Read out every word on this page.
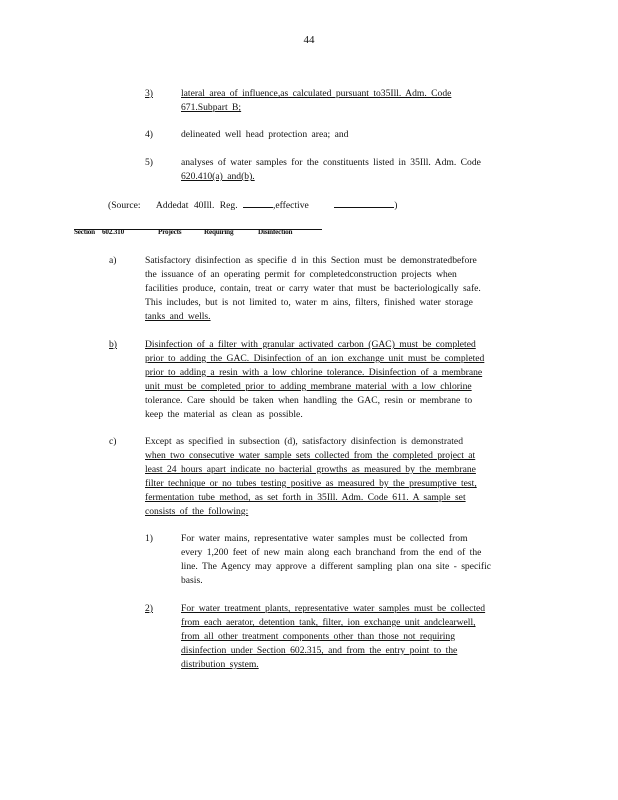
44
3)	lateral area of influence,as calculated pursuant to35Ill. Adm. Code
671.Subpart B;
4)	delineated well head protection area; and
5)	analyses of water samples for the constituents listed in 35Ill. Adm. Code
620.410(a) and(b).
(Source: Addedat 40Ill. Reg.	,effective	)
Section 602.310	Projects	Requiring	Disinfection
a)	Satisfactory disinfection as specifie d in this Section must be demonstratedbefore
the issuance of an operating permit for completedconstruction projects when
facilities produce, contain, treat or carry water that must be bacteriologically safe.
This includes, but is not limited to, water m ains, filters, finished water storage
tanks and wells.
b)	Disinfection of a filter with granular activated carbon (GAC) must be completed
prior to adding the GAC. Disinfection of an ion exchange unit must be completed
prior to adding a resin with a low chlorine tolerance. Disinfection of a membrane
unit must be completed prior to adding membrane material with a low chlorine
tolerance. Care should be taken when handling the GAC, resin or membrane to
keep the material as clean as possible.
c)	Except as specified in subsection (d), satisfactory disinfection is demonstrated
when two consecutive water sample sets collected from the completed project at
least 24 hours apart indicate no bacterial growths as measured by the membrane
filter technique or no tubes testing positive as measured by the presumptive test,
fermentation tube method, as set forth in 35Ill. Adm. Code 611. A sample set
consists of the following:
1)	For water mains, representative water samples must be collected from
every 1,200 feet of new main along each branchand from the end of the
line. The Agency may approve a different sampling plan ona site - specific
basis.
2)	For water treatment plants, representative water samples must be collected
from each aerator, detention tank, filter, ion exchange unit andclearwell,
from all other treatment components other than those not requiring
disinfection under Section 602.315, and from the entry point to the
distribution system.
